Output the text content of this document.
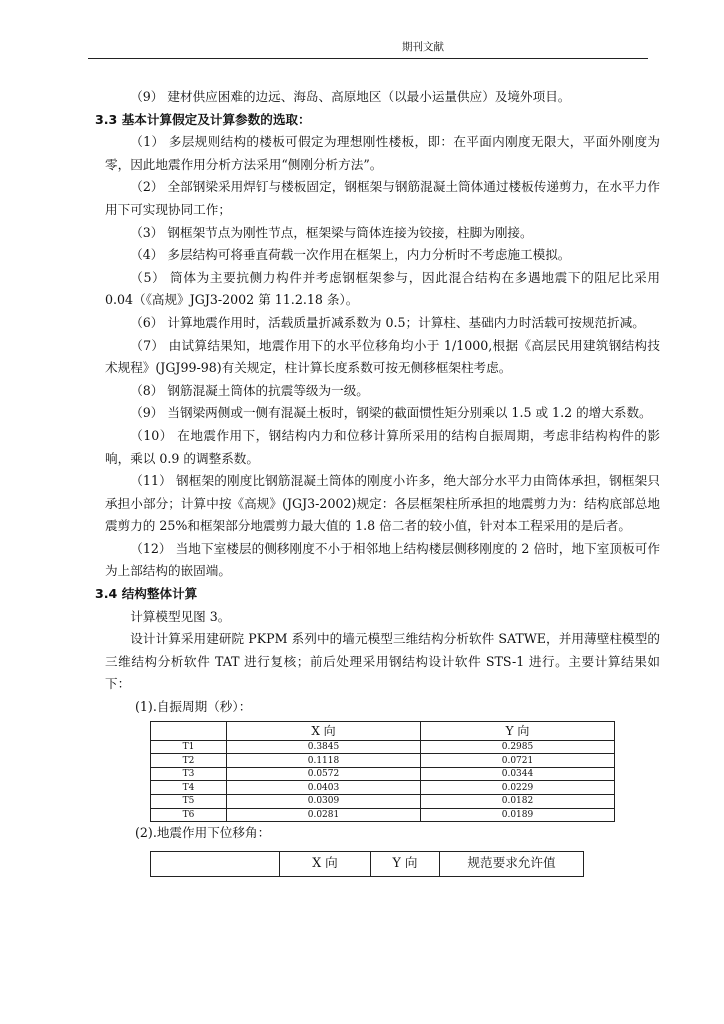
期刊文献

（9） 建材供应困难的边远、海岛、高原地区（以最小运量供应）及境外项目。

3.3 基本计算假定及计算参数的选取：

（1） 多层规则结构的楼板可假定为理想刚性楼板，即：在平面内刚度无限大，平面外刚度为零，因此地震作用分析方法采用“侧刚分析方法”。

（2） 全部钢梁采用焊钉与楼板固定，钢框架与钢筋混凝土筒体通过楼板传递剪力，在水平力作用下可实现协同工作；

（3） 钢框架节点为刚性节点，框架梁与筒体连接为铰接，柱脚为刚接。

（4） 多层结构可将垂直荷载一次作用在框架上，内力分析时不考虑施工模拟。

（5） 筒体为主要抗侧力构件并考虑钢框架参与，因此混合结构在多遇地震下的阻尼比采用 0.04（《高规》JGJ3-2002 第 11.2.18 条）。

（6） 计算地震作用时，活载质量折减系数为 0.5；计算柱、基础内力时活载可按规范折减。

（7） 由试算结果知，地震作用下的水平位移角均小于 1/1000,根据《高层民用建筑钢结构技术规程》(JGJ99-98)有关规定，柱计算长度系数可按无侧移框架柱考虑。

（8） 钢筋混凝土筒体的抗震等级为一级。

（9） 当钢梁两侧或一侧有混凝土板时，钢梁的截面惯性矩分别乘以 1.5 或 1.2 的增大系数。

（10） 在地震作用下，钢结构内力和位移计算所采用的结构自振周期，考虑非结构构件的影响，乘以 0.9 的调整系数。

（11） 钢框架的刚度比钢筋混凝土筒体的刚度小许多，绝大部分水平力由筒体承担，钢框架只承担小部分；计算中按《高规》(JGJ3-2002)规定：各层框架柱所承担的地震剪力为：结构底部总地震剪力的 25%和框架部分地震剪力最大值的 1.8 倍二者的较小值，针对本工程采用的是后者。

（12） 当地下室楼层的侧移刚度不小于相邻地上结构楼层侧移刚度的 2 倍时，地下室顶板可作为上部结构的嵌固端。

3.4 结构整体计算

计算模型见图 3。

设计计算采用建研院 PKPM 系列中的墙元模型三维结构分析软件 SATWE，并用薄壁柱模型的三维结构分析软件 TAT 进行复核；前后处理采用钢结构设计软件 STS-1 进行。主要计算结果如下：

(1).自振周期（秒）：

	X 向	Y 向
T1	0.3845	0.2985
T2	0.1118	0.0721
T3	0.0572	0.0344
T4	0.0403	0.0229
T5	0.0309	0.0182
T6	0.0281	0.0189

(2).地震作用下位移角：

	X 向	Y 向	规范要求允许值
